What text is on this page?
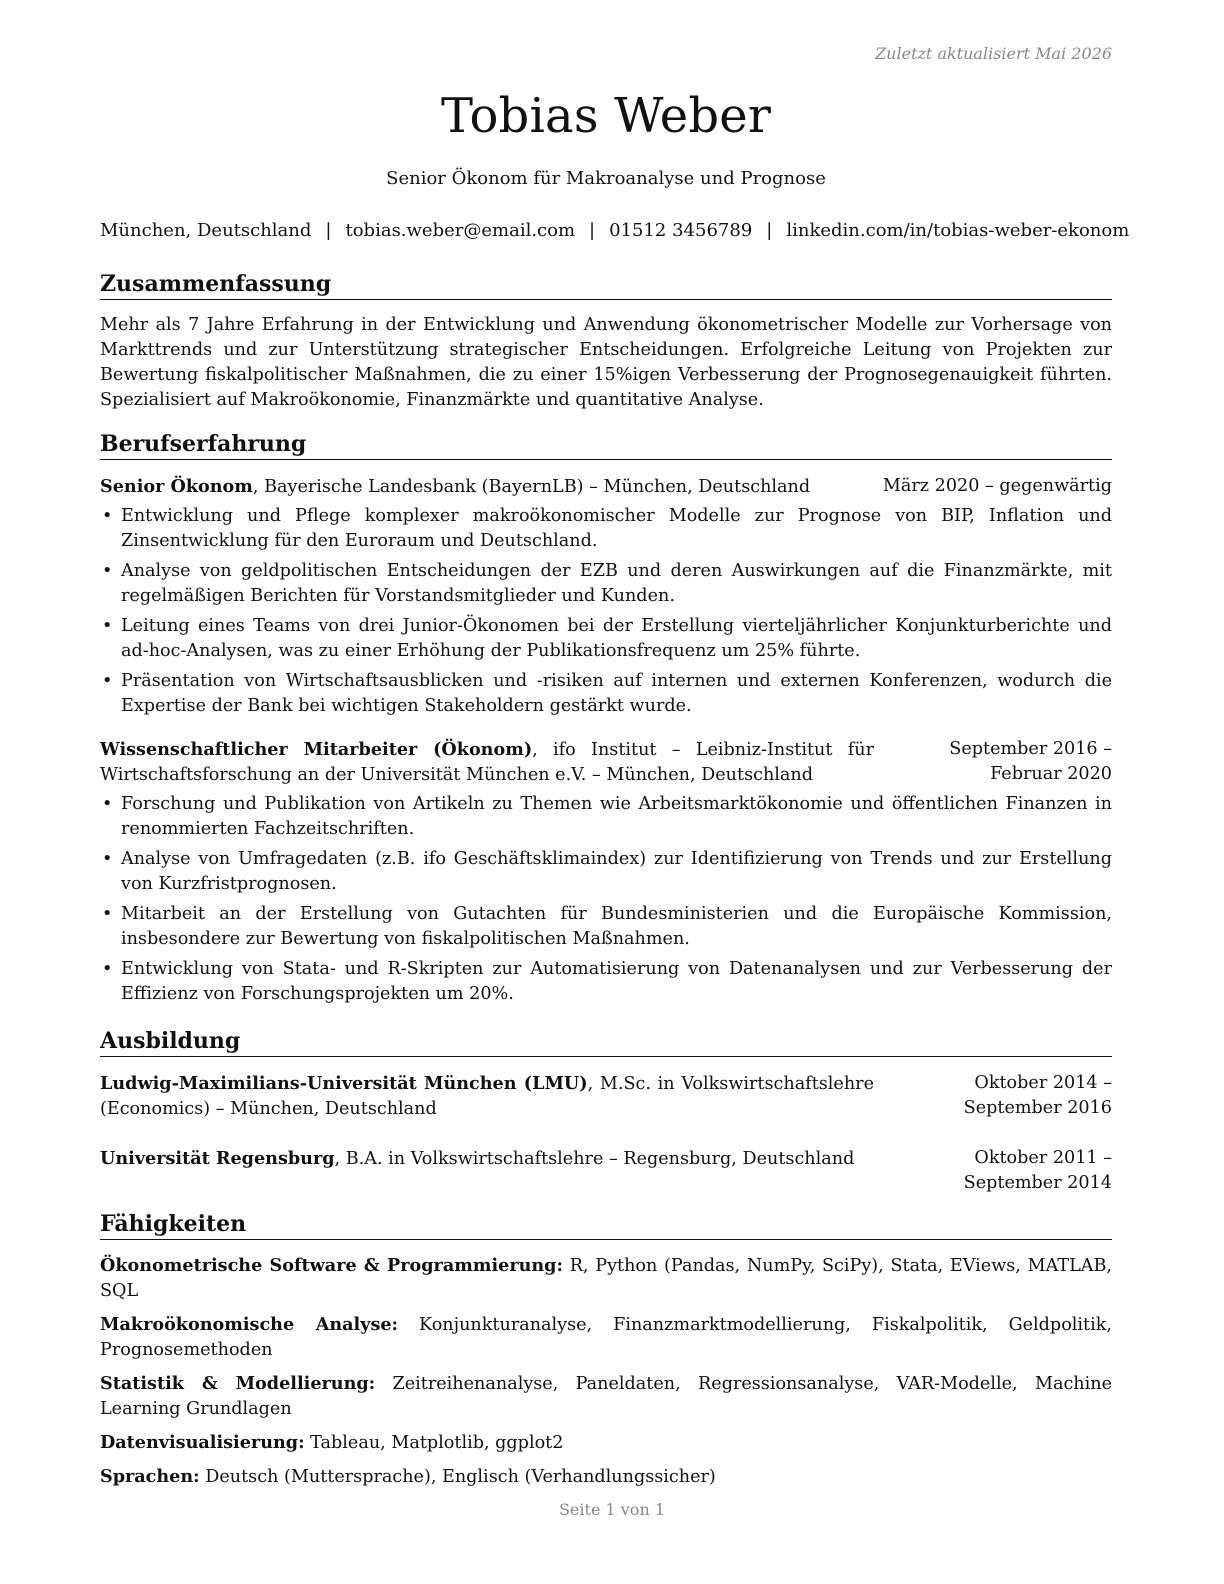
Zuletzt aktualisiert Mai 2026
Tobias Weber
Senior Ökonom für Makroanalyse und Prognose
München, Deutschland | tobias.weber@email.com | 01512 3456789 | linkedin.com/in/tobias-weber-ekonom
Zusammenfassung

Mehr als 7 Jahre Erfahrung in der Entwicklung und Anwendung ökonometrischer Modelle zur Vorhersage von Markttrends und zur Unterstützung strategischer Entscheidungen. Erfolgreiche Leitung von Projekten zur Bewertung fiskalpolitischer Maßnahmen, die zu einer 15%igen Verbesserung der Prognosegenauigkeit führten. Spezialisiert auf Makroökonomie, Finanzmärkte und quantitative Analyse.

Berufserfahrung
Senior Ökonom, Bayerische Landesbank (BayernLB) – München, Deutschland	März 2020 – gegenwärtig
• Entwicklung und Pflege komplexer makroökonomischer Modelle zur Prognose von BIP, Inflation und Zinsentwicklung für den Euroraum und Deutschland.
• Analyse von geldpolitischen Entscheidungen der EZB und deren Auswirkungen auf die Finanzmärkte, mit regelmäßigen Berichten für Vorstandsmitglieder und Kunden.
• Leitung eines Teams von drei Junior-Ökonomen bei der Erstellung vierteljährlicher Konjunkturberichte und ad-hoc-Analysen, was zu einer Erhöhung der Publikationsfrequenz um 25% führte.
• Präsentation von Wirtschaftsausblicken und -risiken auf internen und externen Konferenzen, wodurch die Expertise der Bank bei wichtigen Stakeholdern gestärkt wurde.
Wissenschaftlicher Mitarbeiter (Ökonom), ifo Institut – Leibniz-Institut für Wirtschaftsforschung an der Universität München e.V. – München, Deutschland
September 2016 – Februar 2020
• Forschung und Publikation von Artikeln zu Themen wie Arbeitsmarktökonomie und öffentlichen Finanzen in renommierten Fachzeitschriften.
• Analyse von Umfragedaten (z.B. ifo Geschäftsklimaindex) zur Identifizierung von Trends und zur Erstellung von Kurzfristprognosen.
• Mitarbeit an der Erstellung von Gutachten für Bundesministerien und die Europäische Kommission, insbesondere zur Bewertung von fiskalpolitischen Maßnahmen.
• Entwicklung von Stata- und R-Skripten zur Automatisierung von Datenanalysen und zur Verbesserung der Effizienz von Forschungsprojekten um 20%.
Ausbildung
Ludwig-Maximilians-Universität München (LMU), M.Sc. in Volkswirtschaftslehre (Economics) – München, Deutschland
Oktober 2014 – September 2016
Universität Regensburg, B.A. in Volkswirtschaftslehre – Regensburg, Deutschland	Oktober 2011 – September 2014
Fähigkeiten
Ökonometrische Software & Programmierung: R, Python (Pandas, NumPy, SciPy), Stata, EViews, MATLAB, SQL
Makroökonomische Analyse: Konjunkturanalyse, Finanzmarktmodellierung, Fiskalpolitik, Geldpolitik, Prognosemethoden
Statistik & Modellierung: Zeitreihenanalyse, Paneldaten, Regressionsanalyse, VAR-Modelle, Machine Learning Grundlagen
Datenvisualisierung: Tableau, Matplotlib, ggplot2
Sprachen: Deutsch (Muttersprache), Englisch (Verhandlungssicher)
Seite 1 von 1
